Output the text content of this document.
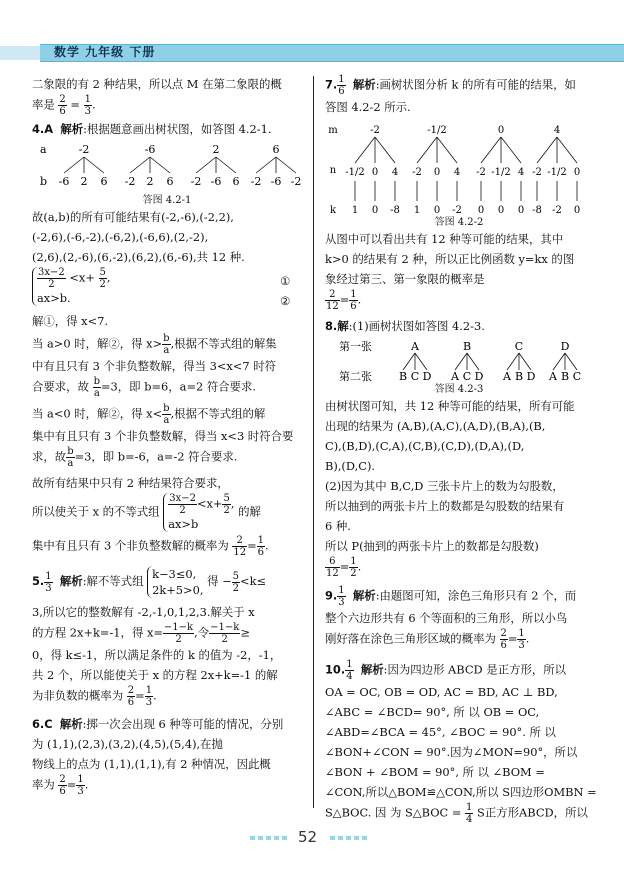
数学 九年级 下册
二象限的有 2 种结果，所以点 M 在第二象限的概
率是 $\frac{2}{6} = \frac{1}{3}$ .
4.A 解析:根据题意画出树状图，如答图 4.2-1.
a
b
-2
-6 2 6
-6
-2 2 6
2
-2 -6 6
6
-2 -6 -2
答图 4.2-1
故(a,b)的所有可能结果有(-2,-6),(-2,2),
(-2,6),(-6,-2),(-6,2),(-6,6),(2,-2),
(2,6),(2,-6),(6,-2),(6,2),(6,-6),共 12 种.
$\frac{3x-2}{2} <x+ \frac{5}{2}$ ,
ax>b.
①
②
解①，得 x<7.
当 a>0 时，解②，得 $x> \frac{b}{a}$ ,根据不等式组的解集
中有且只有 3 个非负整数解，得当 3<x<7 时符
合要求，故 $\frac{b}{a} =3$，即 b=6，a=2 符合要求.
当 a<0 时，解②，得 $x< \frac{b}{a}$ ,根据不等式组的解
集中有且只有 3 个非负整数解，得当 x<3 时符合要
求，故 $\frac{b}{a} =3$，即 b=-6，a=-2 符合要求.
故所有结果中只有 2 种结果符合要求，
所以使关于 x 的不等式组 $\frac{3x-2}{2} <x+ \frac{5}{2}$ ,
ax>b 的解
集中有且只有 3 个非负整数解的概率为 $\frac{2}{12} = \frac{1}{6}$ .
5. $\frac{1}{3}$ 解析:解不等式组 k−3≤0,
2k+5>0, 得 − $\frac{5}{2} <k\le$
3,所以它的整数解有 -2,-1,0,1,2,3.解关于 x
的方程 2x+k=-1，得 $x= \frac{-1-k}{2}$ ,令 $\frac{-1-k}{2}$ ≥
0，得 k≤-1，所以满足条件的 k 的值为 -2，-1，
共 2 个，所以能使关于 x 的方程 2x+k=-1 的解
为非负数的概率为 $\frac{2}{6} = \frac{1}{3}$ .
6.C 解析:掷一次会出现 6 种等可能的情况，分别
为 (1,1),(2,3),(3,2),(4,5),(5,4),在抛
物线上的点为 (1,1),(1,1),有 2 种情况，因此概
率为 $\frac{2}{6} = \frac{1}{3}$ .
7. $\frac{1}{6}$ 解析:画树状图分析 k 的所有可能的结果，如
答图 4.2-2 所示.
m
n
k
-2
-1/2
1
0
0
4
-8
-1/2
-2
1
0
0
4
-2
0
-2
0
-1/2
0
4
0
4
-2
-8
-1/2
-2
0
0
答图 4.2-2
从图中可以看出共有 12 种等可能的结果，其中
k>0 的结果有 2 种，所以正比例函数 y=kx 的图
象经过第三、第一象限的概率是
$\frac{2}{12} = \frac{1}{6}$ .
8.解:(1)画树状图如答图 4.2-3.
第一张
第二张
A
B C D
B
A C D
C
A B D
D
A B C
答图 4.2-3
由树状图可知，共 12 种等可能的结果，所有可能
出现的结果为 (A,B),(A,C),(A,D),(B,A),(B,
C),(B,D),(C,A),(C,B),(C,D),(D,A),(D,
B),(D,C).
(2)因为其中 B,C,D 三张卡片上的数为勾股数，
所以抽到的两张卡片上的数都是勾股数的结果有
6 种.
所以 P(抽到的两张卡片上的数都是勾股数)
$\frac{6}{12} = \frac{1}{2}$ .
9. $\frac{1}{3}$ 解析:由题图可知，涂色三角形只有 2 个，而
整个六边形共有 6 个等面积的三角形，所以小鸟
刚好落在涂色三角形区域的概率为 $\frac{2}{6} = \frac{1}{3}$ .
10. $\frac{1}{4}$ 解析:因为四边形 ABCD 是正方形，所以
OA = OC, OB = OD, AC = BD, AC ⊥ BD,
∠ABC = ∠BCD= 90°, 所 以 OB = OC,
∠ABD=∠BCA = 45°, ∠BOC = 90°. 所 以
∠BON+∠CON = 90°.因为∠MON=90°，所以
∠BON + ∠BOM = 90°, 所 以 ∠BOM =
∠CON,所以△BOM≌△CON,所以 S四边形OMBN =
S△BOC. 因 为 S△BOC = $\frac{1}{4}$ S正方形ABCD，所以
52
